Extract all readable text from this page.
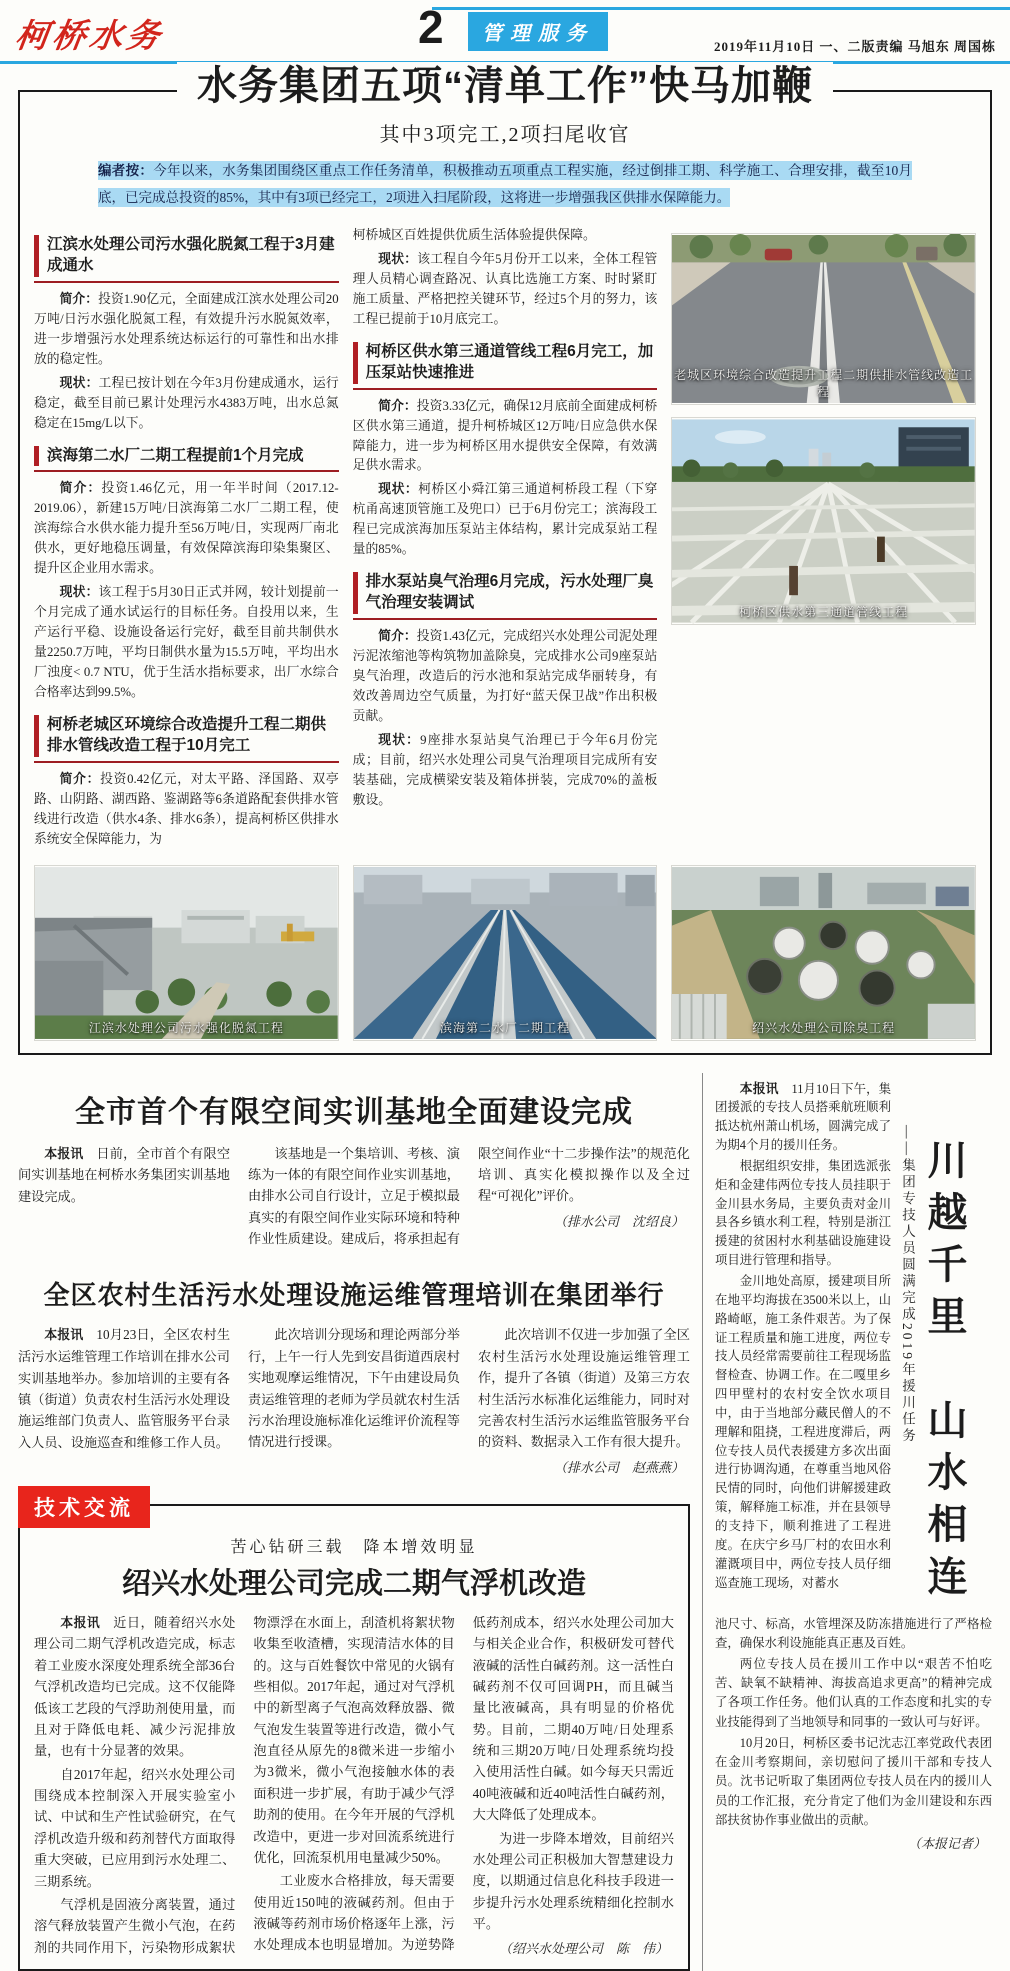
柯桥水务	2	管理服务
2019年11月10日 一、二版责编 马旭东 周国栋
水务集团五项“清单工作”快马加鞭
其中3项完工,2项扫尾收官
编者按：今年以来，水务集团围绕区重点工作任务清单，积极推动五项重点工程实施，经过倒排工期、科学施工、合理安排，截至10月底，已完成总投资的85%，其中有3项已经完工，2项进入扫尾阶段，这将进一步增强我区供排水保障能力。
江滨水处理公司污水强化脱氮工程于3月建成通水

简介：投资1.90亿元，全面建成江滨水处理公司20万吨/日污水强化脱氮工程，有效提升污水脱氮效率，进一步增强污水处理系统达标运行的可靠性和出水排放的稳定性。

现状：工程已按计划在今年3月份建成通水，运行稳定，截至目前已累计处理污水4383万吨，出水总氮稳定在15mg/L以下。

滨海第二水厂二期工程提前1个月完成

简介：投资1.46亿元，用一年半时间（2017.12-2019.06），新建15万吨/日滨海第二水厂二期工程，使滨海综合水供水能力提升至56万吨/日，实现两厂南北供水，更好地稳压调量，有效保障滨海印染集聚区、提升区企业用水需求。

现状：该工程于5月30日正式并网，较计划提前一个月完成了通水试运行的目标任务。自投用以来，生产运行平稳、设施设备运行完好，截至目前共制供水量2250.7万吨，平均日制供水量为15.5万吨，平均出水厂浊度< 0.7 NTU，优于生活水指标要求，出厂水综合合格率达到99.5%。

柯桥老城区环境综合改造提升工程二期供排水管线改造工程于10月完工

简介：投资0.42亿元，对太平路、泽国路、双亭路、山阴路、湖西路、鉴湖路等6条道路配套供排水管线进行改造（供水4条、排水6条），提高柯桥区供排水系统安全保障能力，为

柯桥城区百姓提供优质生活体验提供保障。

现状：该工程自今年5月份开工以来，全体工程管理人员精心调查路况、认真比选施工方案、时时紧盯施工质量、严格把控关键环节，经过5个月的努力，该工程已提前于10月底完工。

柯桥区供水第三通道管线工程6月完工，加压泵站快速推进

简介：投资3.33亿元，确保12月底前全面建成柯桥区供水第三通道，提升柯桥城区12万吨/日应急供水保障能力，进一步为柯桥区用水提供安全保障，有效满足供水需求。

现状：柯桥区小舜江第三通道柯桥段工程（下穿杭甬高速顶管施工及兜口）已于6月份完工；滨海段工程已完成滨海加压泵站主体结构，累计完成泵站工程量的85%。

排水泵站臭气治理6月完成，污水处理厂臭气治理安装调试

简介：投资1.43亿元，完成绍兴水处理公司泥处理污泥浓缩池等构筑物加盖除臭，完成排水公司9座泵站臭气治理，改造后的污水池和泵站完成华丽转身，有效改善周边空气质量，为打好“蓝天保卫战”作出积极贡献。

现状：9座排水泵站臭气治理已于今年6月份完成；目前，绍兴水处理公司臭气治理项目完成所有安装基础，完成横梁安装及箱体拼装，完成70%的盖板敷设。

老城区环境综合改造提升工程二期供排水管线改造工程
柯桥区供水第三通道管线工程
江滨水处理公司污水强化脱氮工程	滨海第二水厂二期工程	绍兴水处理公司除臭工程
全市首个有限空间实训基地全面建设完成

本报讯　日前，全市首个有限空间实训基地在柯桥水务集团实训基地建设完成。

该基地是一个集培训、考核、演练为一体的有限空间作业实训基地，由排水公司自行设计，立足于模拟最真实的有限空间作业实际环境和特种作业性质建设。建成后，将承担起有限空间作业“十二步操作法”的规范化培训、真实化模拟操作以及全过程“可视化”评价。

（排水公司　沈绍良）
全区农村生活污水处理设施运维管理培训在集团举行

本报讯　10月23日，全区农村生活污水运维管理工作培训在排水公司实训基地举办。参加培训的主要有各镇（街道）负责农村生活污水处理设施运维部门负责人、监管服务平台录入人员、设施巡查和维修工作人员。

此次培训分现场和理论两部分举行，上午一行人先到安昌街道西扆村实地观摩运维情况，下午由建设局负责运维管理的老师为学员就农村生活污水治理设施标准化运维评价流程等情况进行授课。

此次培训不仅进一步加强了全区农村生活污水处理设施运维管理工作，提升了各镇（街道）及第三方农村生活污水标准化运维能力，同时对完善农村生活污水运维监管服务平台的资料、数据录入工作有很大提升。

（排水公司　赵燕燕）
技术交流
苦心钻研三载　降本增效明显
绍兴水处理公司完成二期气浮机改造

本报讯　近日，随着绍兴水处理公司二期气浮机改造完成，标志着工业废水深度处理系统全部36台气浮机改造均已完成。这不仅能降低该工艺段的气浮助剂使用量，而且对于降低电耗、减少污泥排放量，也有十分显著的效果。

自2017年起，绍兴水处理公司围绕成本控制深入开展实验室小试、中试和生产性试验研究，在气浮机改造升级和药剂替代方面取得重大突破，已应用到污水处理二、三期系统。

气浮机是固液分离装置，通过溶气释放装置产生微小气泡，在药剂的共同作用下，污染物形成絮状物漂浮在水面上，刮渣机将絮状物收集至收渣槽，实现清洁水体的目的。这与百姓餐饮中常见的火锅有些相似。2017年起，通过对气浮机中的新型离子气泡高效释放器、微气泡发生装置等进行改造，微小气泡直径从原先的8微米进一步缩小为3微米，微小气泡接触水体的表面积进一步扩展，有助于减少气浮助剂的使用。在今年开展的气浮机改造中，更进一步对回流系统进行优化，回流泵机用电量减少50%。

工业废水合格排放，每天需要使用近150吨的液碱药剂。但由于液碱等药剂市场价格逐年上涨，污水处理成本也明显增加。为逆势降低药剂成本，绍兴水处理公司加大与相关企业合作，积极研发可替代液碱的活性白碱药剂。这一活性白碱药剂不仅可回调PH，而且碱当量比液碱高，具有明显的价格优势。目前，二期40万吨/日处理系统和三期20万吨/日处理系统均投入使用活性白碱。如今每天只需近40吨液碱和近40吨活性白碱药剂，大大降低了处理成本。

为进一步降本增效，目前绍兴水处理公司正积极加大智慧建设力度，以期通过信息化科技手段进一步提升污水处理系统精细化控制水平。

（绍兴水处理公司　陈　伟）

本报讯　11月10日下午，集团援派的专技人员搭乘航班顺利抵达杭州萧山机场，圆满完成了为期4个月的援川任务。

根据组织安排，集团选派张炬和金建伟两位专技人员挂职于金川县水务局，主要负责对金川县各乡镇水利工程，特别是浙江援建的贫困村水利基础设施建设项目进行管理和指导。

金川地处高原，援建项目所在地平均海拔在3500米以上，山路崎岖，施工条件艰苦。为了保证工程质量和施工进度，两位专技人员经常需要前往工程现场监督检查、协调工作。在二嘎里乡四甲壁村的农村安全饮水项目中，由于当地部分藏民僧人的不理解和阻挠，工程进度滞后，两位专技人员代表援建方多次出面进行协调沟通，在尊重当地风俗民情的同时，向他们讲解援建政策，解释施工标准，并在县领导的支持下，顺利推进了工程进度。在庆宁乡马厂村的农田水利灌溉项目中，两位专技人员仔细巡查施工现场，对蓄水

——集团专技人员圆满完成2019年援川任务 川越千里　山水相连

池尺寸、标高，水管埋深及防冻措施进行了严格检查，确保水利设施能真正惠及百姓。

两位专技人员在援川工作中以“艰苦不怕吃苦、缺氧不缺精神、海拔高追求更高”的精神完成了各项工作任务。他们认真的工作态度和扎实的专业技能得到了当地领导和同事的一致认可与好评。

10月20日，柯桥区委书记沈志江率党政代表团在金川考察期间，亲切慰问了援川干部和专技人员。沈书记听取了集团两位专技人员在内的援川人员的工作汇报，充分肯定了他们为金川建设和东西部扶贫协作事业做出的贡献。

（本报记者）
